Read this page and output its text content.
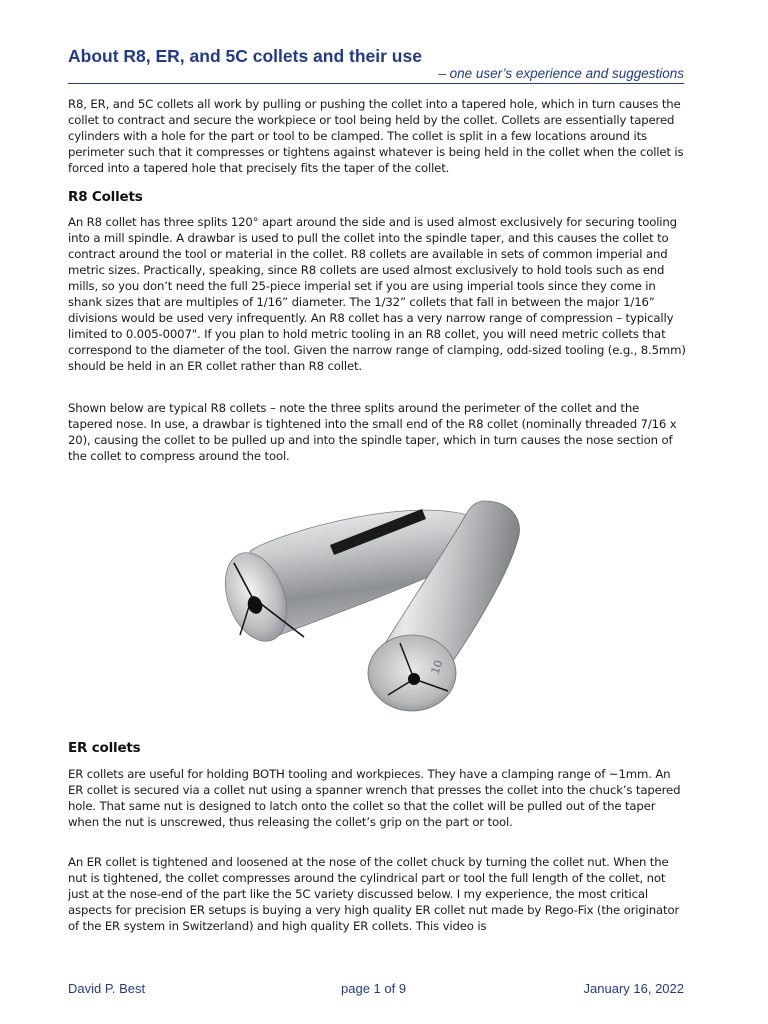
About R8, ER, and 5C collets and their use
– one user’s experience and suggestions

R8, ER, and 5C collets all work by pulling or pushing the collet into a tapered hole, which in turn causes the collet to contract and secure the workpiece or tool being held by the collet. Collets are essentially tapered cylinders with a hole for the part or tool to be clamped. The collet is split in a few locations around its perimeter such that it compresses or tightens against whatever is being held in the collet when the collet is forced into a tapered hole that precisely fits the taper of the collet.

R8 Collets

An R8 collet has three splits 120° apart around the side and is used almost exclusively for securing tooling into a mill spindle. A drawbar is used to pull the collet into the spindle taper, and this causes the collet to contract around the tool or material in the collet. R8 collets are available in sets of common imperial and metric sizes. Practically, speaking, since R8 collets are used almost exclusively to hold tools such as end mills, so you don’t need the full 25-piece imperial set if you are using imperial tools since they come in shank sizes that are multiples of 1/16” diameter. The 1/32” collets that fall in between the major 1/16” divisions would be used very infrequently. An R8 collet has a very narrow range of compression – typically limited to 0.005-0007". If you plan to hold metric tooling in an R8 collet, you will need metric collets that correspond to the diameter of the tool. Given the narrow range of clamping, odd-sized tooling (e.g., 8.5mm) should be held in an ER collet rather than R8 collet.

Shown below are typical R8 collets – note the three splits around the perimeter of the collet and the tapered nose. In use, a drawbar is tightened into the small end of the R8 collet (nominally threaded 7/16 x 20), causing the collet to be pulled up and into the spindle taper, which in turn causes the nose section of the collet to compress around the tool.

10
ER collets

ER collets are useful for holding BOTH tooling and workpieces. They have a clamping range of ~1mm. An ER collet is secured via a collet nut using a spanner wrench that presses the collet into the chuck’s tapered hole. That same nut is designed to latch onto the collet so that the collet will be pulled out of the taper when the nut is unscrewed, thus releasing the collet’s grip on the part or tool.

An ER collet is tightened and loosened at the nose of the collet chuck by turning the collet nut. When the nut is tightened, the collet compresses around the cylindrical part or tool the full length of the collet, not just at the nose-end of the part like the 5C variety discussed below. I my experience, the most critical aspects for precision ER setups is buying a very high quality ER collet nut made by Rego-Fix (the originator of the ER system in Switzerland) and high quality ER collets. This video is

David P. Best	page 1 of 9	January 16, 2022
